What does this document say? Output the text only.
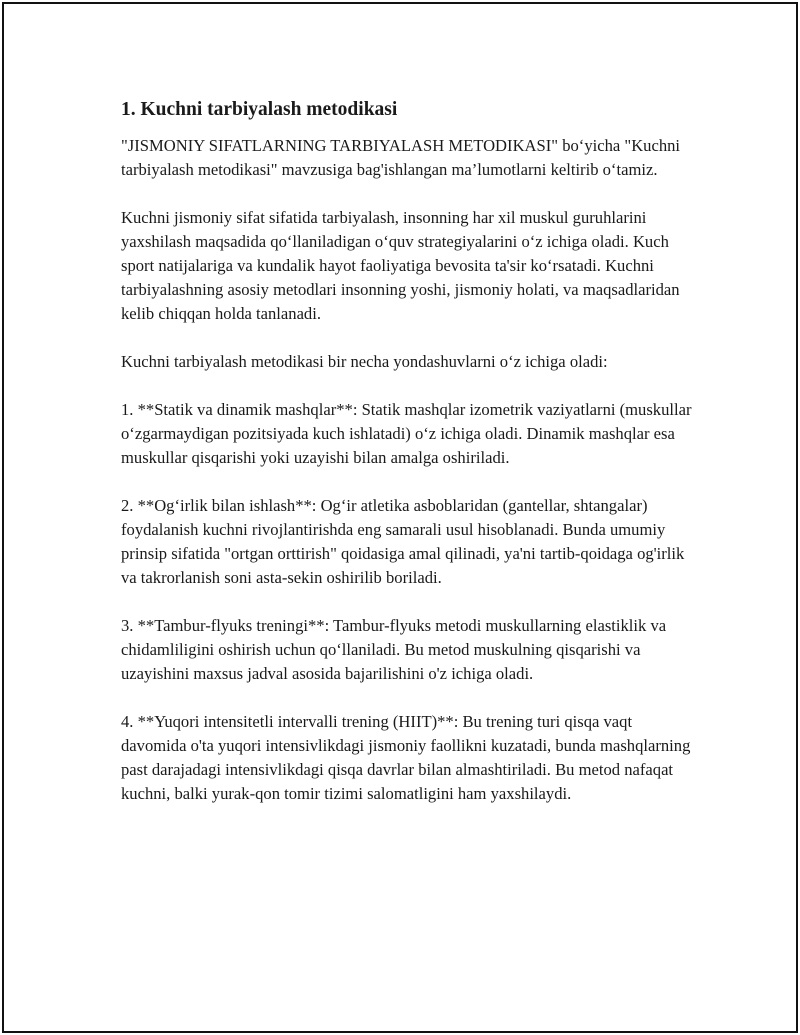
1. Kuchni tarbiyalash metodikasi

"JISMONIY SIFATLARNING TARBIYALASH METODIKASI" bo‘yicha "Kuchni tarbiyalash metodikasi" mavzusiga bag'ishlangan ma’lumotlarni keltirib o‘tamiz.

Kuchni jismoniy sifat sifatida tarbiyalash, insonning har xil muskul guruhlarini yaxshilash maqsadida qo‘llaniladigan o‘quv strategiyalarini o‘z ichiga oladi. Kuch sport natijalariga va kundalik hayot faoliyatiga bevosita ta'sir ko‘rsatadi. Kuchni tarbiyalashning asosiy metodlari insonning yoshi, jismoniy holati, va maqsadlaridan kelib chiqqan holda tanlanadi.

Kuchni tarbiyalash metodikasi bir necha yondashuvlarni o‘z ichiga oladi:

1. **Statik va dinamik mashqlar**: Statik mashqlar izometrik vaziyatlarni (muskullar o‘zgarmaydigan pozitsiyada kuch ishlatadi) o‘z ichiga oladi. Dinamik mashqlar esa muskullar qisqarishi yoki uzayishi bilan amalga oshiriladi.

2. **Og‘irlik bilan ishlash**: Og‘ir atletika asboblaridan (gantellar, shtangalar) foydalanish kuchni rivojlantirishda eng samarali usul hisoblanadi. Bunda umumiy prinsip sifatida "ortgan orttirish" qoidasiga amal qilinadi, ya'ni tartib-qoidaga og'irlik va takrorlanish soni asta-sekin oshirilib boriladi.

3. **Tambur-flyuks treningi**: Tambur-flyuks metodi muskullarning elastiklik va chidamliligini oshirish uchun qo‘llaniladi. Bu metod muskulning qisqarishi va uzayishini maxsus jadval asosida bajarilishini o'z ichiga oladi.

4. **Yuqori intensitetli intervalli trening (HIIT)**: Bu trening turi qisqa vaqt davomida o'ta yuqori intensivlikdagi jismoniy faollikni kuzatadi, bunda mashqlarning past darajadagi intensivlikdagi qisqa davrlar bilan almashtiriladi. Bu metod nafaqat kuchni, balki yurak-qon tomir tizimi salomatligini ham yaxshilaydi.
